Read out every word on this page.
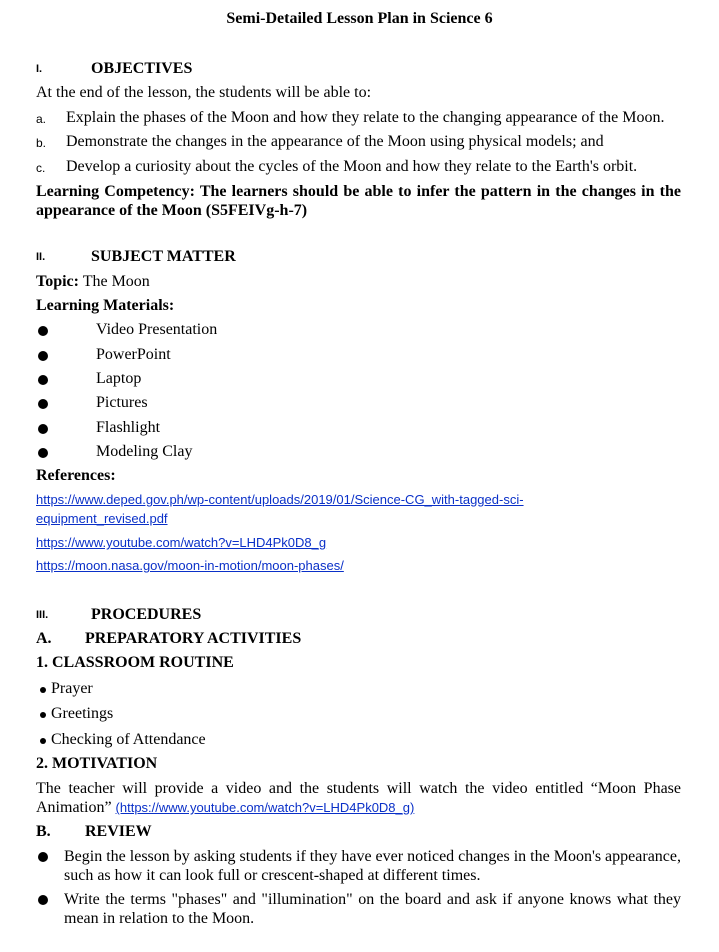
Semi-Detailed Lesson Plan in Science 6
I.	OBJECTIVES
At the end of the lesson, the students will be able to:
a. Explain the phases of the Moon and how they relate to the changing appearance of the Moon.
b. Demonstrate the changes in the appearance of the Moon using physical models; and
c. Develop a curiosity about the cycles of the Moon and how they relate to the Earth's orbit.
Learning Competency: The learners should be able to infer the pattern in the changes in the appearance of the Moon (S5FEIVg-h-7)
II.	SUBJECT MATTER
Topic: The Moon
Learning Materials:
Video Presentation
PowerPoint
Laptop
Pictures
Flashlight
Modeling Clay
References:
https://www.deped.gov.ph/wp-content/uploads/2019/01/Science-CG_with-tagged-sci-
equipment_revised.pdf
https://www.youtube.com/watch?v=LHD4Pk0D8_g
https://moon.nasa.gov/moon-in-motion/moon-phases/
III.	PROCEDURES
A. PREPARATORY ACTIVITIES
1. CLASSROOM ROUTINE
Prayer
Greetings
Checking of Attendance
2. MOTIVATION
The teacher will provide a video and the students will watch the video entitled “Moon Phase Animation” (https://www.youtube.com/watch?v=LHD4Pk0D8_g)
B. REVIEW
Begin the lesson by asking students if they have ever noticed changes in the Moon's appearance, such as how it can look full or crescent-shaped at different times.
Write the terms "phases" and "illumination" on the board and ask if anyone knows what they mean in relation to the Moon.
